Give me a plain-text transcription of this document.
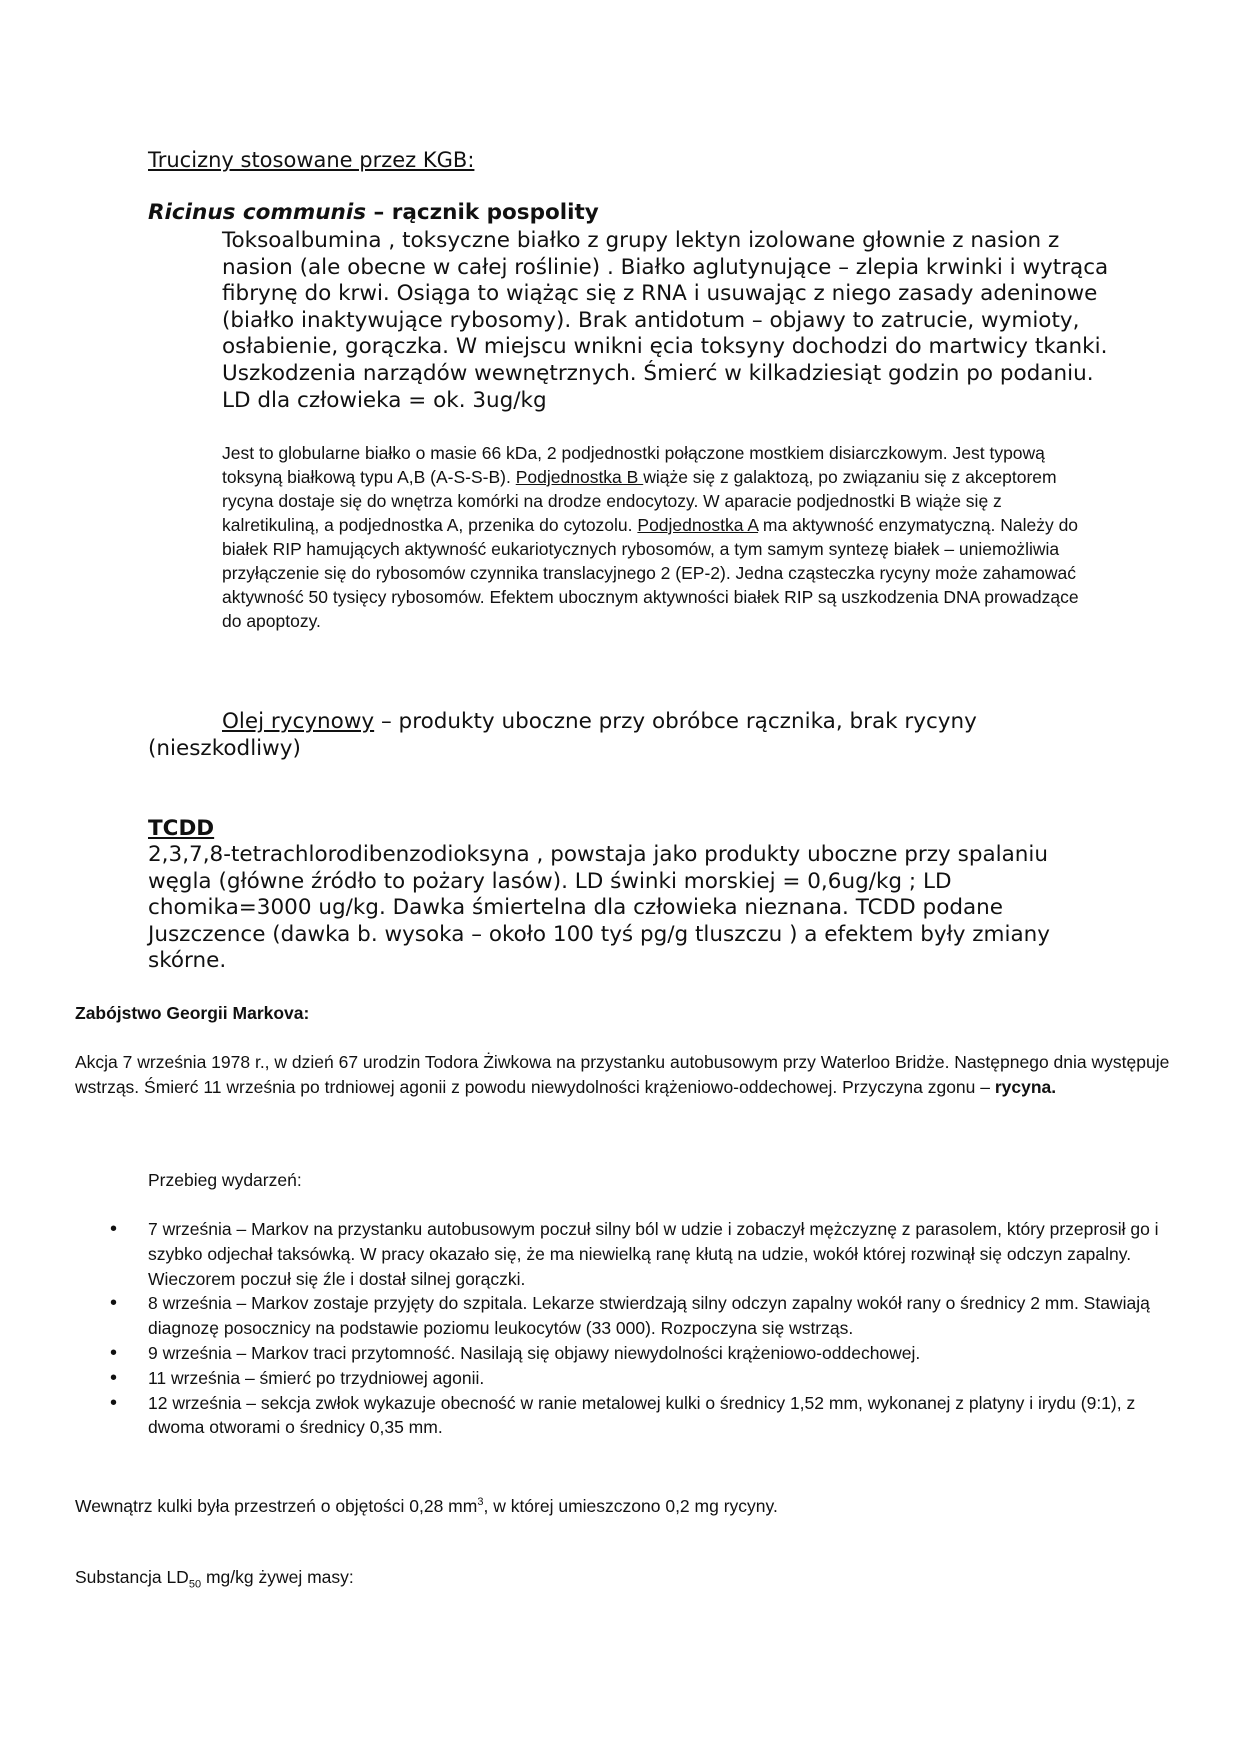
Trucizny stosowane przez KGB:
Ricinus communis – rącznik pospolity

Toksoalbumina , toksyczne białko z grupy lektyn izolowane głownie z nasion z nasion (ale obecne w całej roślinie) . Białko aglutynujące – zlepia krwinki i wytrąca fibrynę do krwi. Osiąga to wiążąc się z RNA i usuwając z niego zasady adeninowe (białko inaktywujące rybosomy). Brak antidotum – objawy to zatrucie, wymioty, osłabienie, gorączka. W miejscu wnikni ęcia toksyny dochodzi do martwicy tkanki. Uszkodzenia narządów wewnętrznych. Śmierć w kilkadziesiąt godzin po podaniu.
LD dla człowieka = ok. 3ug/kg

Jest to globularne białko o masie 66 kDa, 2 podjednostki połączone mostkiem disiarczkowym. Jest typową toksyną białkową typu A,B (A-S-S-B). Podjednostka B wiąże się z galaktozą, po związaniu się z akceptorem rycyna dostaje się do wnętrza komórki na drodze endocytozy. W aparacie podjednostki B wiąże się z kalretikuliną, a podjednostka A, przenika do cytozolu. Podjednostka A ma aktywność enzymatyczną. Należy do białek RIP hamujących aktywność eukariotycznych rybosomów, a tym samym syntezę białek – uniemożliwia przyłączenie się do rybosomów czynnika translacyjnego 2 (EP-2). Jedna cząsteczka rycyny może zahamować aktywność 50 tysięcy rybosomów. Efektem ubocznym aktywności białek RIP są uszkodzenia DNA prowadzące do apoptozy.

Olej rycynowy – produkty uboczne przy obróbce rącznika, brak rycyny (nieszkodliwy)

TCDD

2,3,7,8-tetrachlorodibenzodioksyna , powstaja jako produkty uboczne przy spalaniu węgla (główne źródło to pożary lasów). LD świnki morskiej = 0,6ug/kg ; LD chomika=3000 ug/kg. Dawka śmiertelna dla człowieka nieznana. TCDD podane Juszczence (dawka b. wysoka – około 100 tyś pg/g tluszczu ) a efektem były zmiany skórne.

Zabójstwo Georgii Markova:

Akcja 7 września 1978 r., w dzień 67 urodzin Todora Żiwkowa na przystanku autobusowym przy Waterloo Bridże. Następnego dnia występuje wstrząs. Śmierć 11 września po trdniowej agonii z powodu niewydolności krążeniowo-oddechowej. Przyczyna zgonu – rycyna.

Przebieg wydarzeń:
• 7 września – Markov na przystanku autobusowym poczuł silny ból w udzie i zobaczył mężczyznę z parasolem, który przeprosił go i szybko odjechał taksówką. W pracy okazało się, że ma niewielką ranę kłutą na udzie, wokół której rozwinął się odczyn zapalny. Wieczorem poczuł się źle i dostał silnej gorączki.
• 8 września – Markov zostaje przyjęty do szpitala. Lekarze stwierdzają silny odczyn zapalny wokół rany o średnicy 2 mm. Stawiają diagnozę posocznicy na podstawie poziomu leukocytów (33 000). Rozpoczyna się wstrząs.
• 9 września – Markov traci przytomność. Nasilają się objawy niewydolności krążeniowo-oddechowej.
• 11 września – śmierć po trzydniowej agonii.
• 12 września – sekcja zwłok wykazuje obecność w ranie metalowej kulki o średnicy 1,52 mm, wykonanej z platyny i irydu (9:1), z dwoma otworami o średnicy 0,35 mm.
Wewnątrz kulki była przestrzeń o objętości 0,28 $mm^3$, w której umieszczono 0,2 mg rycyny.
Substancja $LD_{50}$ mg/kg żywej masy:
